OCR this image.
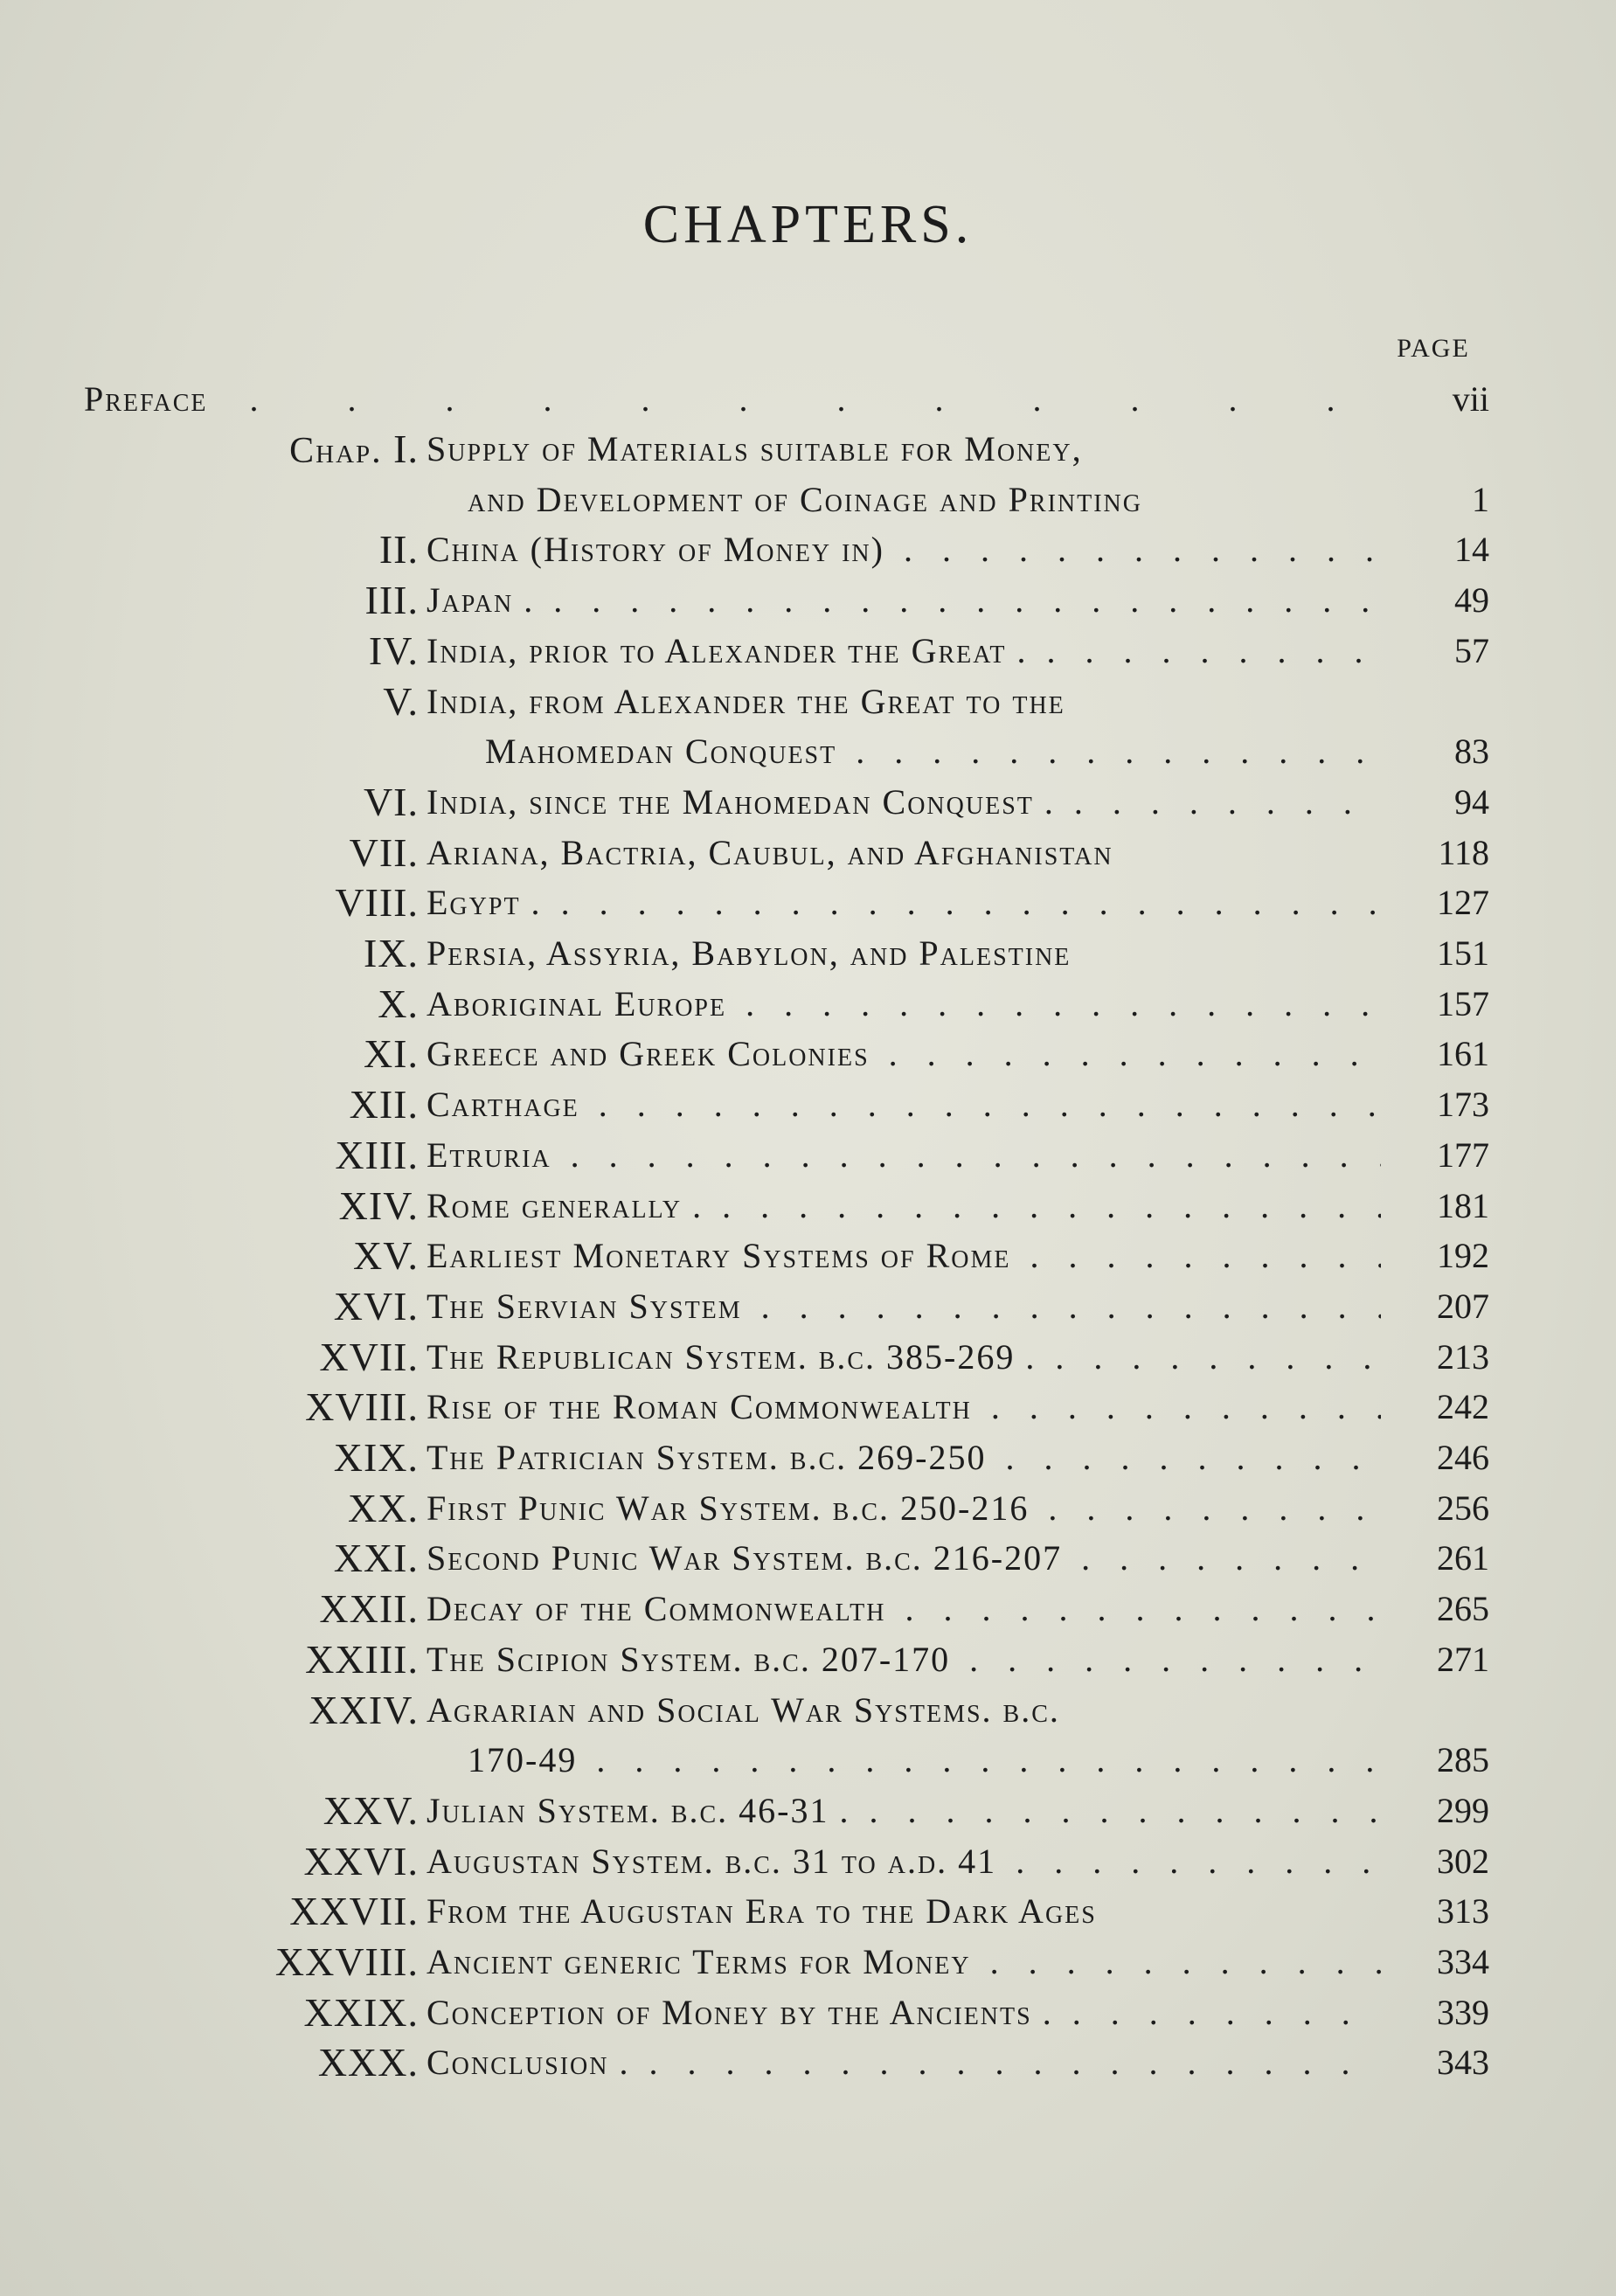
CHAPTERS.
PAGE
Preface .	vii
Chap. I. Supply of Materials suitable for Money,
and Development of Coinage and Printing	1
II. China (History of Money in) . .	14
III. Japan . . .	49
IV. India, prior to Alexander the Great . . .	57
V. India, from Alexander the Great to the
Mahomedan Conquest . .	83
VI. India, since the Mahomedan Conquest . . .	94
VII. Ariana, Bactria, Caubul, and Afghanistan	118
VIII. Egypt . . .	127
IX. Persia, Assyria, Babylon, and Palestine	151
X. Aboriginal Europe . .	157
XI. Greece and Greek Colonies . .	161
XII. Carthage . .	173
XIII. Etruria . .	177
XIV. Rome generally . . .	181
XV. Earliest Monetary Systems of Rome . .	192
XVI. The Servian System . .	207
XVII. The Republican System. b.c. 385-269 . . .	213
XVIII. Rise of the Roman Commonwealth . .	242
XIX. The Patrician System. b.c. 269-250 . .	246
XX. First Punic War System. b.c. 250-216 . .	256
XXI. Second Punic War System. b.c. 216-207 . .	261
XXII. Decay of the Commonwealth . .	265
XXIII. The Scipion System. b.c. 207-170 . .	271
XXIV. Agrarian and Social War Systems. b.c.
170-49 . .	285
XXV. Julian System. b.c. 46-31 . . .	299
XXVI. Augustan System. b.c. 31 to a.d. 41 . .	302
XXVII. From the Augustan Era to the Dark Ages	313
XXVIII. Ancient generic Terms for Money . .	334
XXIX. Conception of Money by the Ancients . . .	339
XXX. Conclusion . . .	343
